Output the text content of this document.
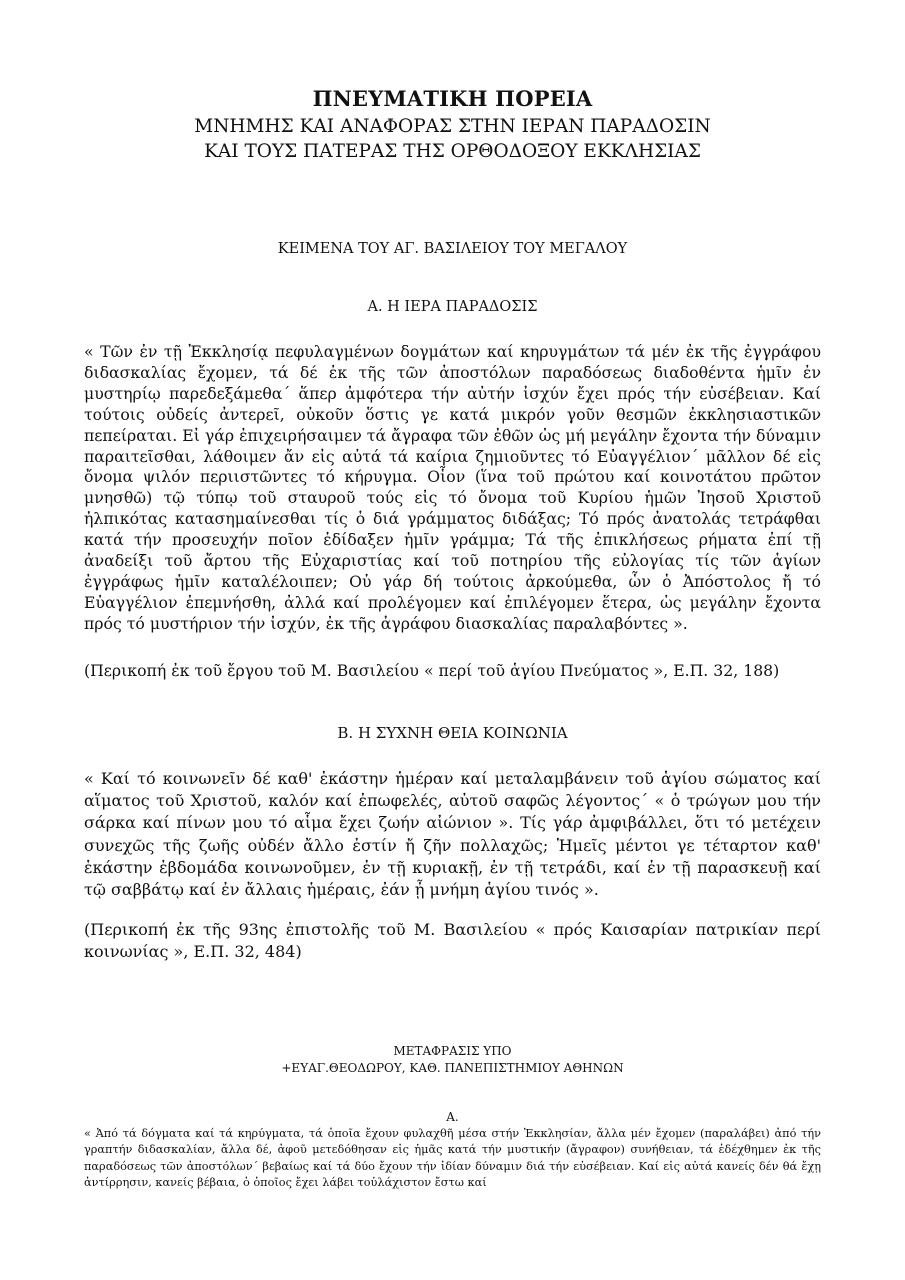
ΠΝΕΥΜΑΤΙΚΗ ΠΟΡΕΙΑ
ΜΝΗΜΗΣ ΚΑΙ ΑΝΑΦΟΡΑΣ ΣΤΗΝ ΙΕΡΑΝ ΠΑΡΑΔΟΣΙΝ
ΚΑΙ ΤΟΥΣ ΠΑΤΕΡΑΣ ΤΗΣ ΟΡΘΟΔΟΞΟΥ ΕΚΚΛΗΣΙΑΣ
ΚΕΙΜΕΝΑ ΤΟΥ ΑΓ. ΒΑΣΙΛΕΙΟΥ ΤΟΥ ΜΕΓΑΛΟΥ
Α. Η ΙΕΡΑ ΠΑΡΑΔΟΣΙΣ

« Τῶν ἐν τῇ Ἐκκλησίᾳ πεφυλαγμένων δογμάτων καί κηρυγμάτων τά μέν ἐκ τῆς ἐγγράφου διδασκαλίας ἔχομεν, τά δέ ἐκ τῆς τῶν ἀποστόλων παραδόσεως διαδοθέντα ἡμῖν ἐν μυστηρίῳ παρεδεξάμεθα΄ ἅπερ ἀμφότερα τήν αὐτήν ἰσχύν ἔχει πρός τήν εὐσέβειαν. Καί τούτοις οὐδείς ἀντερεῖ, οὐκοῦν ὅστις γε κατά μικρόν γοῦν θεσμῶν ἐκκλησιαστικῶν πεπείραται. Εἰ γάρ ἐπιχειρήσαιμεν τά ἄγραφα τῶν ἐθῶν ὡς μή μεγάλην ἔχοντα τήν δύναμιν παραιτεῖσθαι, λάθοιμεν ἄν εἰς αὐτά τά καίρια ζημιοῦντες τό Εὐαγγέλιον΄ μᾶλλον δέ εἰς ὄνομα ψιλόν περιιστῶντες τό κήρυγμα. Οἷον (ἵνα τοῦ πρώτου καί κοινοτάτου πρῶτον μνησθῶ) τῷ τύπῳ τοῦ σταυροῦ τούς εἰς τό ὄνομα τοῦ Κυρίου ἡμῶν Ἰησοῦ Χριστοῦ ἠλπικότας κατασημαίνεσθαι τίς ὁ διά γράμματος διδάξας; Τό πρός ἀνατολάς τετράφθαι κατά τήν προσευχήν ποῖον ἐδίδαξεν ἡμῖν γράμμα; Τά τῆς ἐπικλήσεως ρήματα ἐπί τῇ ἀναδείξι τοῦ ἄρτου τῆς Εὐχαριστίας καί τοῦ ποτηρίου τῆς εὐλογίας τίς τῶν ἁγίων ἐγγράφως ἡμῖν καταλέλοιπεν; Οὐ γάρ δή τούτοις ἀρκούμεθα, ὧν ὁ Ἀπόστολος ἤ τό Εὐαγγέλιον ἐπεμνήσθη, ἀλλά καί προλέγομεν καί ἐπιλέγομεν ἕτερα, ὡς μεγάλην ἔχοντα πρός τό μυστήριον τήν ἰσχύν, ἐκ τῆς ἀγράφου διασκαλίας παραλαβόντες ».

(Περικοπή ἐκ τοῦ ἔργου τοῦ Μ. Βασιλείου « περί τοῦ ἁγίου Πνεύματος », Ε.Π. 32, 188)

Β. Η ΣΥΧΝΗ ΘΕΙΑ ΚΟΙΝΩΝΙΑ

« Καί τό κοινωνεῖν δέ καθ' ἑκάστην ἡμέραν καί μεταλαμβάνειν τοῦ ἁγίου σώματος καί αἵματος τοῦ Χριστοῦ, καλόν καί ἐπωφελές, αὐτοῦ σαφῶς λέγοντος΄ « ὁ τρώγων μου τήν σάρκα καί πίνων μου τό αἷμα ἔχει ζωήν αἰώνιον ». Τίς γάρ ἀμφιβάλλει, ὅτι τό μετέχειν συνεχῶς τῆς ζωῆς οὐδέν ἄλλο ἐστίν ἤ ζῆν πολλαχῶς; Ἡμεῖς μέντοι γε τέταρτον καθ' ἑκάστην ἑβδομάδα κοινωνοῦμεν, ἐν τῇ κυριακῇ, ἐν τῇ τετράδι, καί ἐν τῇ παρασκευῇ καί τῷ σαββάτῳ καί ἐν ἄλλαις ἡμέραις, ἐάν ᾖ μνήμη ἁγίου τινός ».

(Περικοπή ἐκ τῆς 93ης ἐπιστολῆς τοῦ Μ. Βασιλείου « πρός Καισαρίαν πατρικίαν περί κοινωνίας », Ε.Π. 32, 484)

ΜΕΤΑΦΡΑΣΙΣ ΥΠΟ
+ΕΥΑΓ.ΘΕΟΔΩΡΟΥ, ΚΑΘ. ΠΑΝΕΠΙΣΤΗΜΙΟΥ ΑΘΗΝΩΝ
Α.

« Ἀπό τά δόγματα καί τά κηρύγματα, τά ὁποῖα ἔχουν φυλαχθῆ μέσα στήν Ἐκκλησίαν, ἄλλα μέν ἔχομεν (παραλάβει) ἀπό τήν γραπτήν διδασκαλίαν, ἄλλα δέ, ἀφοῦ μετεδόθησαν εἰς ἡμᾶς κατά τήν μυστικήν (ἄγραφον) συνήθειαν, τά ἐδέχθημεν ἐκ τῆς παραδόσεως τῶν ἀποστόλων΄ βεβαίως καί τά δύο ἔχουν τήν ἰδίαν δύναμιν διά τήν εὐσέβειαν. Καί εἰς αὐτά κανείς δέν θά ἔχῃ ἀντίρρησιν, κανείς βέβαια, ὁ ὁποῖος ἔχει λάβει τοὐλάχιστον ἔστω καί
